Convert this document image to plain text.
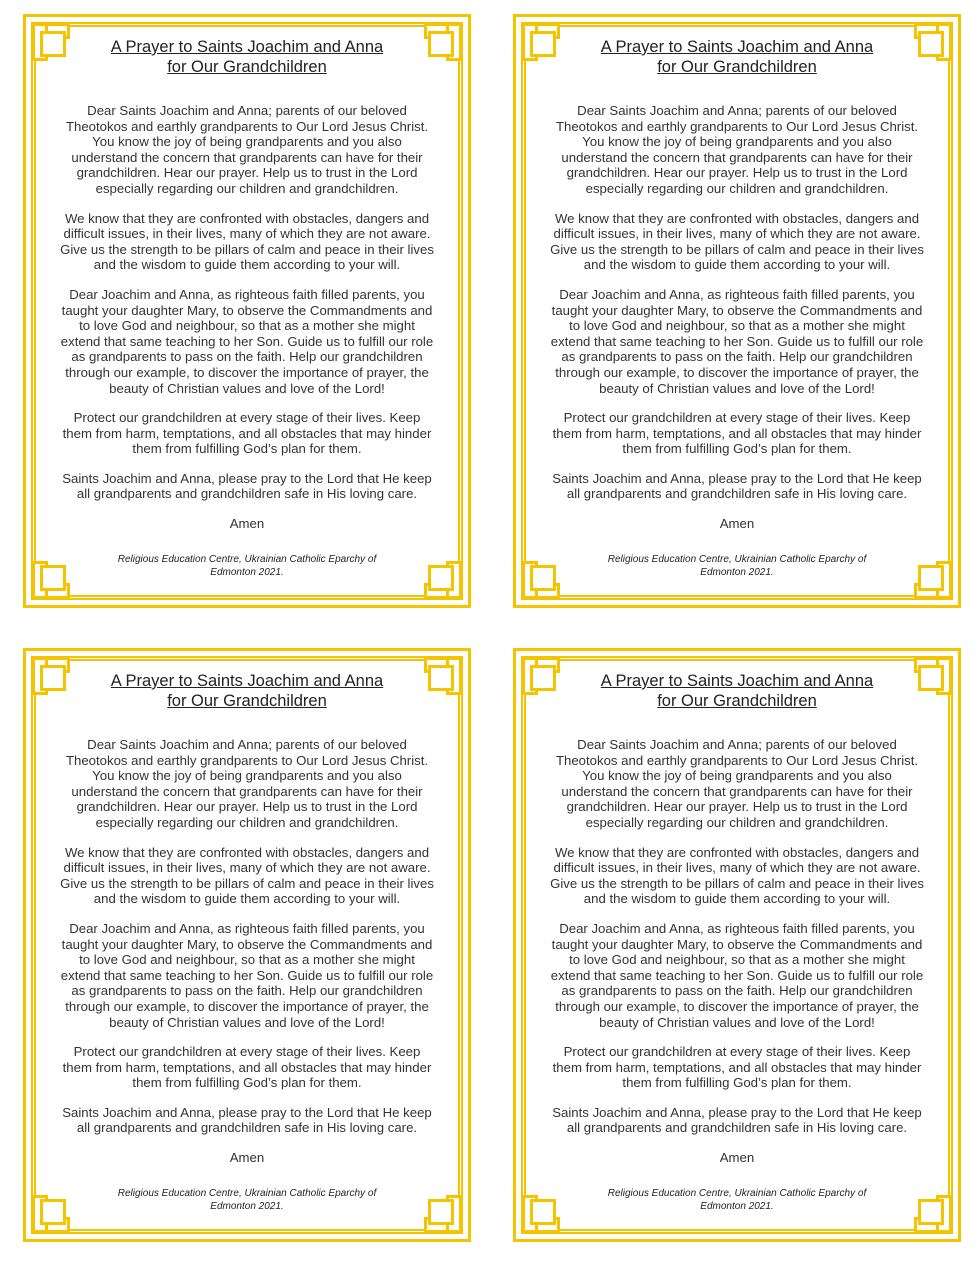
A Prayer to Saints Joachim and Anna
for Our Grandchildren
Dear Saints Joachim and Anna; parents of our beloved
Theotokos and earthly grandparents to Our Lord Jesus Christ.
You know the joy of being grandparents and you also
understand the concern that grandparents can have for their
grandchildren. Hear our prayer. Help us to trust in the Lord
especially regarding our children and grandchildren.
We know that they are confronted with obstacles, dangers and
difficult issues, in their lives, many of which they are not aware.
Give us the strength to be pillars of calm and peace in their lives
and the wisdom to guide them according to your will.
Dear Joachim and Anna, as righteous faith filled parents, you
taught your daughter Mary, to observe the Commandments and
to love God and neighbour, so that as a mother she might
extend that same teaching to her Son. Guide us to fulfill our role
as grandparents to pass on the faith. Help our grandchildren
through our example, to discover the importance of prayer, the
beauty of Christian values and love of the Lord!
Protect our grandchildren at every stage of their lives. Keep
them from harm, temptations, and all obstacles that may hinder
them from fulfilling God’s plan for them.
Saints Joachim and Anna, please pray to the Lord that He keep
all grandparents and grandchildren safe in His loving care.
Amen
Religious Education Centre, Ukrainian Catholic Eparchy of
Edmonton 2021.
A Prayer to Saints Joachim and Anna
for Our Grandchildren
Dear Saints Joachim and Anna; parents of our beloved
Theotokos and earthly grandparents to Our Lord Jesus Christ.
You know the joy of being grandparents and you also
understand the concern that grandparents can have for their
grandchildren. Hear our prayer. Help us to trust in the Lord
especially regarding our children and grandchildren.
We know that they are confronted with obstacles, dangers and
difficult issues, in their lives, many of which they are not aware.
Give us the strength to be pillars of calm and peace in their lives
and the wisdom to guide them according to your will.
Dear Joachim and Anna, as righteous faith filled parents, you
taught your daughter Mary, to observe the Commandments and
to love God and neighbour, so that as a mother she might
extend that same teaching to her Son. Guide us to fulfill our role
as grandparents to pass on the faith. Help our grandchildren
through our example, to discover the importance of prayer, the
beauty of Christian values and love of the Lord!
Protect our grandchildren at every stage of their lives. Keep
them from harm, temptations, and all obstacles that may hinder
them from fulfilling God’s plan for them.
Saints Joachim and Anna, please pray to the Lord that He keep
all grandparents and grandchildren safe in His loving care.
Amen
Religious Education Centre, Ukrainian Catholic Eparchy of
Edmonton 2021.
A Prayer to Saints Joachim and Anna
for Our Grandchildren
Dear Saints Joachim and Anna; parents of our beloved
Theotokos and earthly grandparents to Our Lord Jesus Christ.
You know the joy of being grandparents and you also
understand the concern that grandparents can have for their
grandchildren. Hear our prayer. Help us to trust in the Lord
especially regarding our children and grandchildren.
We know that they are confronted with obstacles, dangers and
difficult issues, in their lives, many of which they are not aware.
Give us the strength to be pillars of calm and peace in their lives
and the wisdom to guide them according to your will.
Dear Joachim and Anna, as righteous faith filled parents, you
taught your daughter Mary, to observe the Commandments and
to love God and neighbour, so that as a mother she might
extend that same teaching to her Son. Guide us to fulfill our role
as grandparents to pass on the faith. Help our grandchildren
through our example, to discover the importance of prayer, the
beauty of Christian values and love of the Lord!
Protect our grandchildren at every stage of their lives. Keep
them from harm, temptations, and all obstacles that may hinder
them from fulfilling God’s plan for them.
Saints Joachim and Anna, please pray to the Lord that He keep
all grandparents and grandchildren safe in His loving care.
Amen
Religious Education Centre, Ukrainian Catholic Eparchy of
Edmonton 2021.
A Prayer to Saints Joachim and Anna
for Our Grandchildren
Dear Saints Joachim and Anna; parents of our beloved
Theotokos and earthly grandparents to Our Lord Jesus Christ.
You know the joy of being grandparents and you also
understand the concern that grandparents can have for their
grandchildren. Hear our prayer. Help us to trust in the Lord
especially regarding our children and grandchildren.
We know that they are confronted with obstacles, dangers and
difficult issues, in their lives, many of which they are not aware.
Give us the strength to be pillars of calm and peace in their lives
and the wisdom to guide them according to your will.
Dear Joachim and Anna, as righteous faith filled parents, you
taught your daughter Mary, to observe the Commandments and
to love God and neighbour, so that as a mother she might
extend that same teaching to her Son. Guide us to fulfill our role
as grandparents to pass on the faith. Help our grandchildren
through our example, to discover the importance of prayer, the
beauty of Christian values and love of the Lord!
Protect our grandchildren at every stage of their lives. Keep
them from harm, temptations, and all obstacles that may hinder
them from fulfilling God’s plan for them.
Saints Joachim and Anna, please pray to the Lord that He keep
all grandparents and grandchildren safe in His loving care.
Amen
Religious Education Centre, Ukrainian Catholic Eparchy of
Edmonton 2021.
